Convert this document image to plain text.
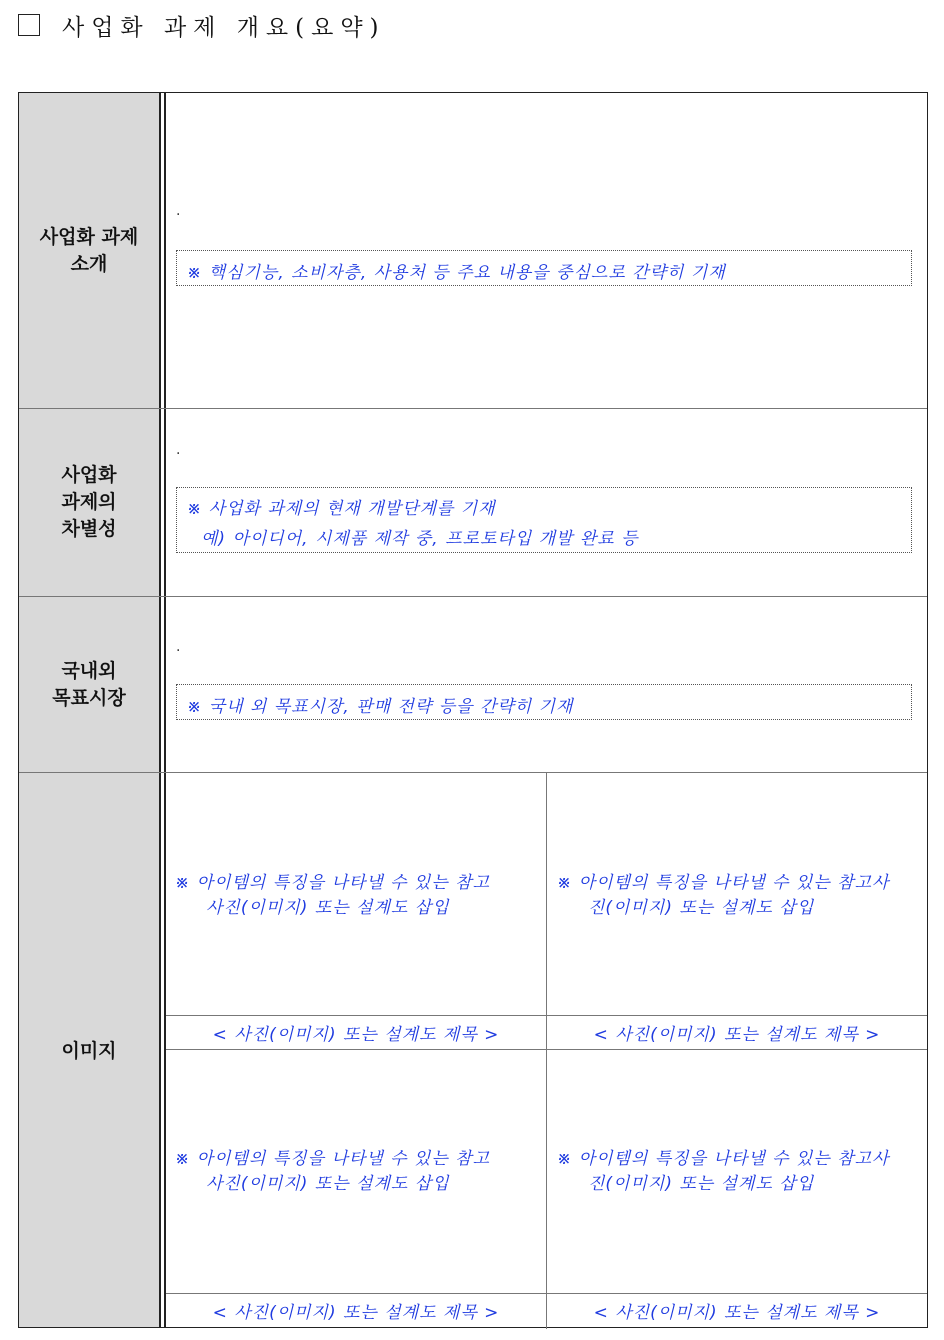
사업화 과제 개요(요약)
사업화 과제
소개
·
※ 핵심기능, 소비자층, 사용처 등 주요 내용을 중심으로 간략히 기재
사업화
과제의
차별성
·
※ 사업화 과제의 현재 개발단계를 기재
예) 아이디어, 시제품 제작 중, 프로토타입 개발 완료 등
국내외
목표시장
·
※ 국내 외 목표시장, 판매 전략 등을 간략히 기재
이미지
※ 아이템의 특징을 나타낼 수 있는 참고
사진(이미지) 또는 설계도 삽입
< 사진(이미지) 또는 설계도 제목 >
※ 아이템의 특징을 나타낼 수 있는 참고사
진(이미지) 또는 설계도 삽입
< 사진(이미지) 또는 설계도 제목 >
※ 아이템의 특징을 나타낼 수 있는 참고
사진(이미지) 또는 설계도 삽입
< 사진(이미지) 또는 설계도 제목 >
※ 아이템의 특징을 나타낼 수 있는 참고사
진(이미지) 또는 설계도 삽입
< 사진(이미지) 또는 설계도 제목 >
